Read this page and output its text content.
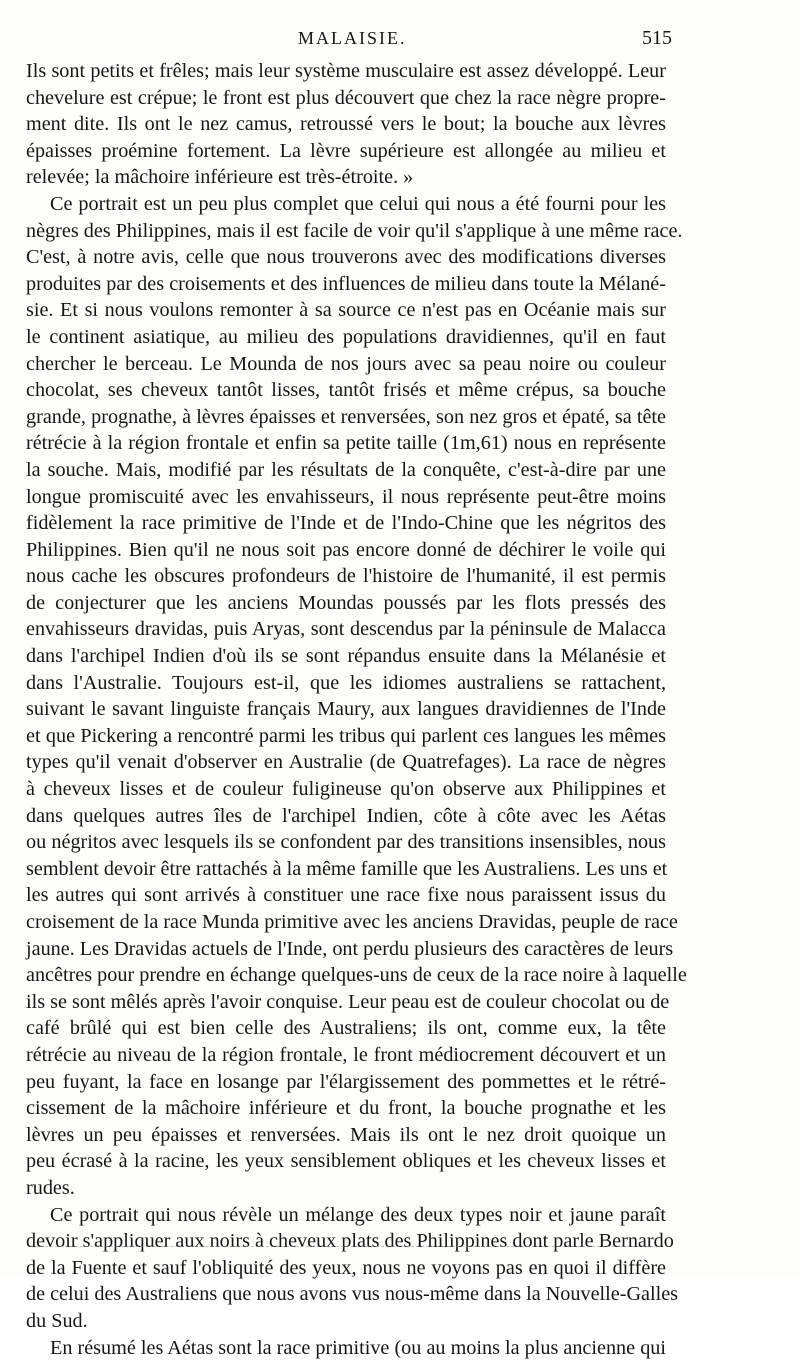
MALAISIE.	515
Ils sont petits et frêles; mais leur système musculaire est assez développé. Leur
chevelure est crépue; le front est plus découvert que chez la race nègre propre-
ment dite. Ils ont le nez camus, retroussé vers le bout; la bouche aux lèvres
épaisses proémine fortement. La lèvre supérieure est allongée au milieu et
relevée; la mâchoire inférieure est très-étroite. »
Ce portrait est un peu plus complet que celui qui nous a été fourni pour les
nègres des Philippines, mais il est facile de voir qu'il s'applique à une même race.
C'est, à notre avis, celle que nous trouverons avec des modifications diverses
produites par des croisements et des influences de milieu dans toute la Mélané-
sie. Et si nous voulons remonter à sa source ce n'est pas en Océanie mais sur
le continent asiatique, au milieu des populations dravidiennes, qu'il en faut
chercher le berceau. Le Mounda de nos jours avec sa peau noire ou couleur
chocolat, ses cheveux tantôt lisses, tantôt frisés et même crépus, sa bouche
grande, prognathe, à lèvres épaisses et renversées, son nez gros et épaté, sa tête
rétrécie à la région frontale et enfin sa petite taille (1m,61) nous en représente
la souche. Mais, modifié par les résultats de la conquête, c'est-à-dire par une
longue promiscuité avec les envahisseurs, il nous représente peut-être moins
fidèlement la race primitive de l'Inde et de l'Indo-Chine que les négritos des
Philippines. Bien qu'il ne nous soit pas encore donné de déchirer le voile qui
nous cache les obscures profondeurs de l'histoire de l'humanité, il est permis
de conjecturer que les anciens Moundas poussés par les flots pressés des
envahisseurs dravidas, puis Aryas, sont descendus par la péninsule de Malacca
dans l'archipel Indien d'où ils se sont répandus ensuite dans la Mélanésie et
dans l'Australie. Toujours est-il, que les idiomes australiens se rattachent,
suivant le savant linguiste français Maury, aux langues dravidiennes de l'Inde
et que Pickering a rencontré parmi les tribus qui parlent ces langues les mêmes
types qu'il venait d'observer en Australie (de Quatrefages). La race de nègres
à cheveux lisses et de couleur fuligineuse qu'on observe aux Philippines et
dans quelques autres îles de l'archipel Indien, côte à côte avec les Aétas
ou négritos avec lesquels ils se confondent par des transitions insensibles, nous
semblent devoir être rattachés à la même famille que les Australiens. Les uns et
les autres qui sont arrivés à constituer une race fixe nous paraissent issus du
croisement de la race Munda primitive avec les anciens Dravidas, peuple de race
jaune. Les Dravidas actuels de l'Inde, ont perdu plusieurs des caractères de leurs
ancêtres pour prendre en échange quelques-uns de ceux de la race noire à laquelle
ils se sont mêlés après l'avoir conquise. Leur peau est de couleur chocolat ou de
café brûlé qui est bien celle des Australiens; ils ont, comme eux, la tête
rétrécie au niveau de la région frontale, le front médiocrement découvert et un
peu fuyant, la face en losange par l'élargissement des pommettes et le rétré-
cissement de la mâchoire inférieure et du front, la bouche prognathe et les
lèvres un peu épaisses et renversées. Mais ils ont le nez droit quoique un
peu écrasé à la racine, les yeux sensiblement obliques et les cheveux lisses et
rudes.
Ce portrait qui nous révèle un mélange des deux types noir et jaune paraît
devoir s'appliquer aux noirs à cheveux plats des Philippines dont parle Bernardo
de la Fuente et sauf l'obliquité des yeux, nous ne voyons pas en quoi il diffère
de celui des Australiens que nous avons vus nous-même dans la Nouvelle-Galles
du Sud.
En résumé les Aétas sont la race primitive (ou au moins la plus ancienne qui
